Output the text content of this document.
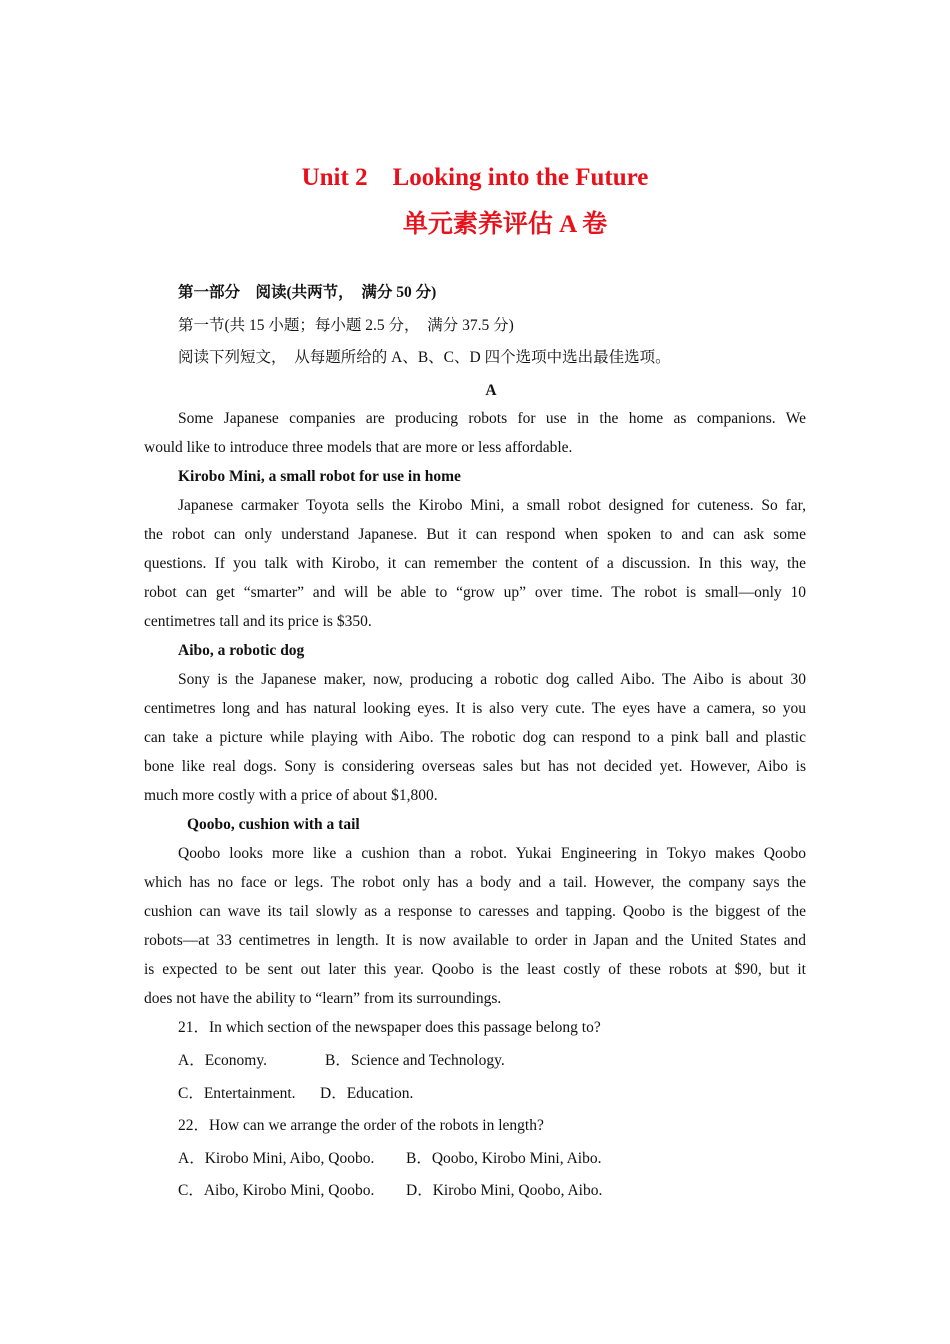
Unit 2    Looking into the Future
单元素养评估 A 卷
第一部分    阅读(共两节，  满分 50 分)
第一节(共 15 小题；每小题 2.5 分，  满分 37.5 分)
阅读下列短文，  从每题所给的 A、B、C、D 四个选项中选出最佳选项。
A
Some Japanese companies are producing robots for use in the home as companions. We
would like to introduce three models that are more or less affordable.
Kirobo Mini, a small robot for use in home
Japanese carmaker Toyota sells the Kirobo Mini, a small robot designed for cuteness. So far,
the robot can only understand Japanese. But it can respond when spoken to and can ask some
questions. If you talk with Kirobo, it can remember the content of a discussion. In this way, the
robot can get “smarter” and will be able to “grow up” over time. The robot is small—only 10
centimetres tall and its price is $350.
Aibo, a robotic dog
Sony is the Japanese maker, now, producing a robotic dog called Aibo. The Aibo is about 30
centimetres long and has natural looking eyes. It is also very cute. The eyes have a camera, so you
can take a picture while playing with Aibo. The robotic dog can respond to a pink ball and plastic
bone like real dogs. Sony is considering overseas sales but has not decided yet. However, Aibo is
much more costly with a price of about $1,800.
Qoobo, cushion with a tail
Qoobo looks more like a cushion than a robot. Yukai Engineering in Tokyo makes Qoobo
which has no face or legs. The robot only has a body and a tail. However, the company says the
cushion can wave its tail slowly as a response to caresses and tapping. Qoobo is the biggest of the
robots—at 33 centimetres in length. It is now available to order in Japan and the United States and
is expected to be sent out later this year. Qoobo is the least costly of these robots at $90, but it
does not have the ability to “learn” from its surroundings.
21．In which section of the newspaper does this passage belong to?
A．Economy.	B．Science and Technology.
C．Entertainment. D．Education.
22．How can we arrange the order of the robots in length?
A．Kirobo Mini, Aibo, Qoobo. B．Qoobo, Kirobo Mini, Aibo.
C．Aibo, Kirobo Mini, Qoobo. D．Kirobo Mini, Qoobo, Aibo.
